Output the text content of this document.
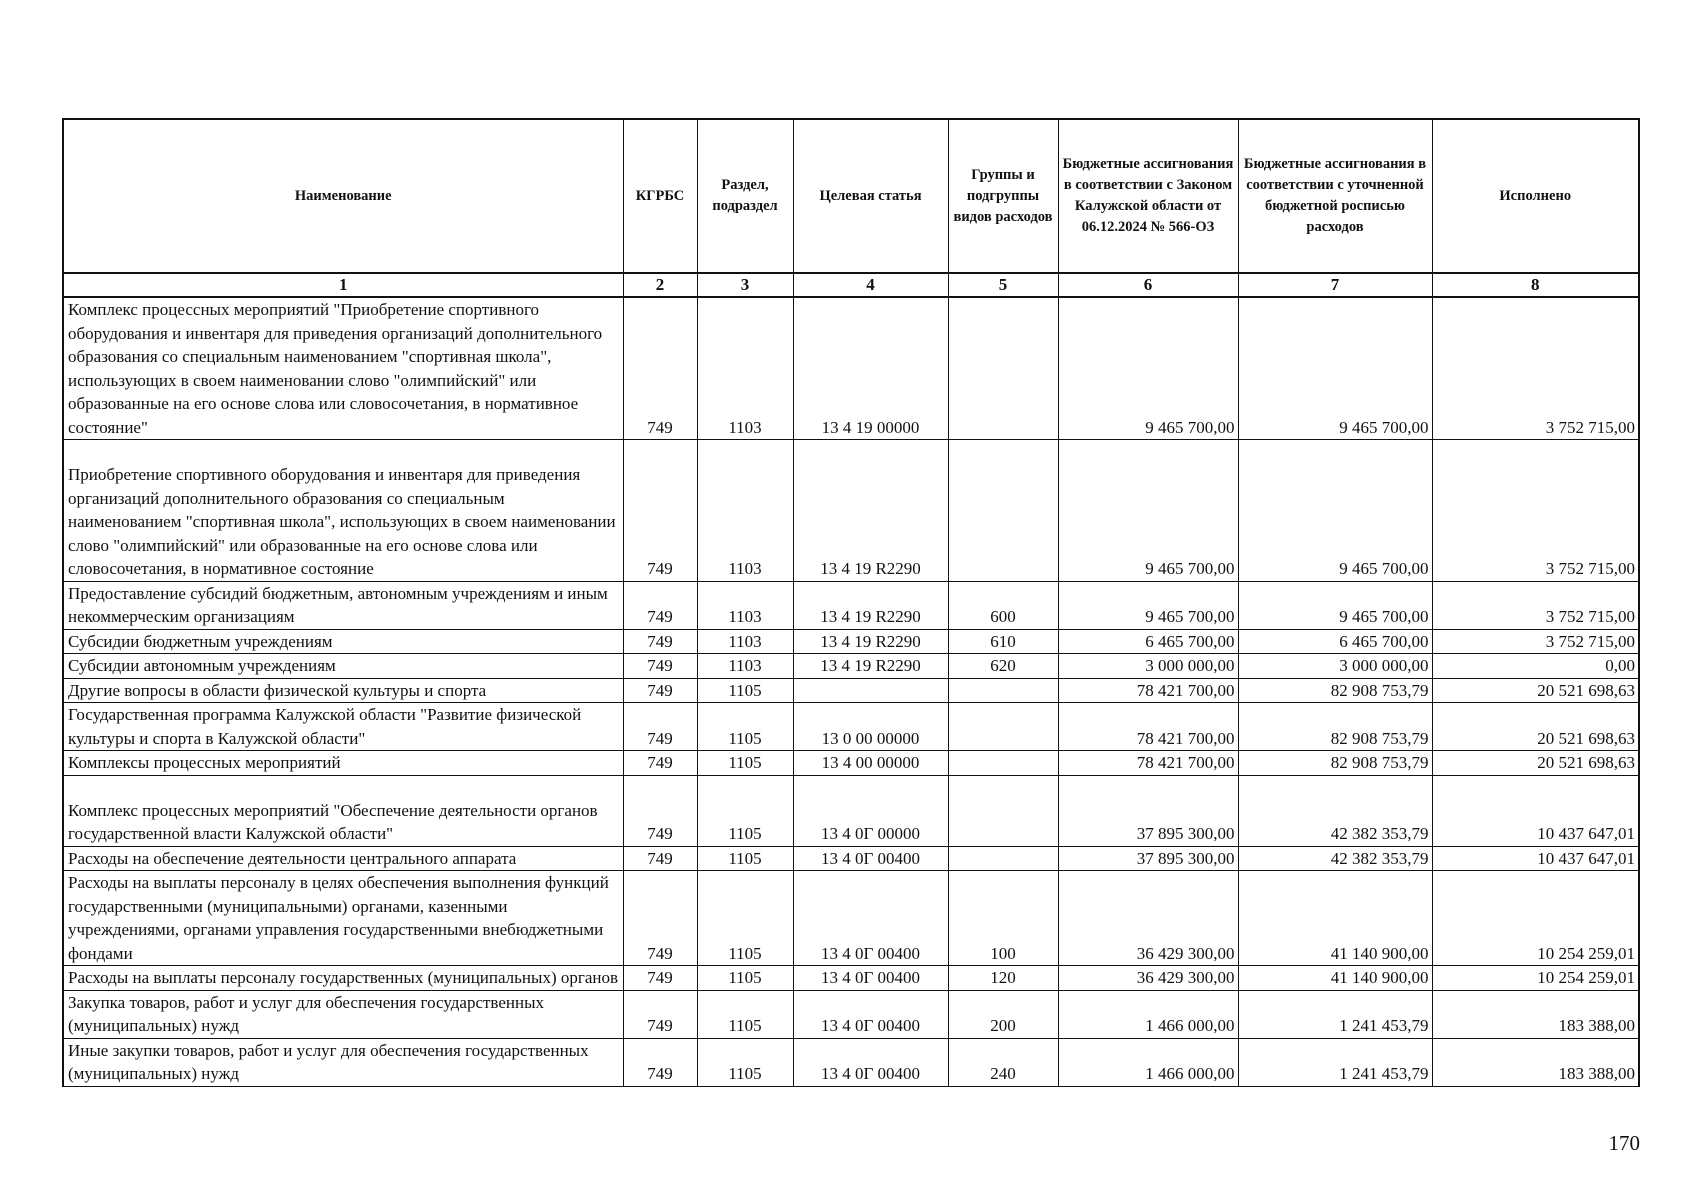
Наименование	КГРБС	Раздел, подраздел	Целевая статья	Группы и подгруппы видов расходов	Бюджетные ассигнования в соответствии с Законом Калужской области от 06.12.2024 № 566-ОЗ	Бюджетные ассигнования в соответствии с уточненной бюджетной росписью расходов	Исполнено
1	2	3	4	5	6	7	8
Комплекс процессных мероприятий "Приобретение спортивного оборудования и инвентаря для приведения организаций дополнительного образования со специальным наименованием "спортивная школа", использующих в своем наименовании слово "олимпийский" или образованные на его основе слова или словосочетания, в нормативное состояние"	749	1103	13 4 19 00000		9 465 700,00	9 465 700,00	3 752 715,00
Приобретение спортивного оборудования и инвентаря для приведения организаций дополнительного образования со специальным наименованием "спортивная школа", использующих в своем наименовании слово "олимпийский" или образованные на его основе слова или словосочетания, в нормативное состояние	749	1103	13 4 19 R2290		9 465 700,00	9 465 700,00	3 752 715,00
Предоставление субсидий бюджетным, автономным учреждениям и иным некоммерческим организациям	749	1103	13 4 19 R2290	600	9 465 700,00	9 465 700,00	3 752 715,00
Субсидии бюджетным учреждениям	749	1103	13 4 19 R2290	610	6 465 700,00	6 465 700,00	3 752 715,00
Субсидии автономным учреждениям	749	1103	13 4 19 R2290	620	3 000 000,00	3 000 000,00	0,00
Другие вопросы в области физической культуры и спорта	749	1105			78 421 700,00	82 908 753,79	20 521 698,63
Государственная программа Калужской области "Развитие физической культуры и спорта в Калужской области"	749	1105	13 0 00 00000		78 421 700,00	82 908 753,79	20 521 698,63
Комплексы процессных мероприятий	749	1105	13 4 00 00000		78 421 700,00	82 908 753,79	20 521 698,63
Комплекс процессных мероприятий "Обеспечение деятельности органов государственной власти Калужской области"	749	1105	13 4 0Г 00000		37 895 300,00	42 382 353,79	10 437 647,01
Расходы на обеспечение деятельности центрального аппарата	749	1105	13 4 0Г 00400		37 895 300,00	42 382 353,79	10 437 647,01
Расходы на выплаты персоналу в целях обеспечения выполнения функций государственными (муниципальными) органами, казенными учреждениями, органами управления государственными внебюджетными фондами	749	1105	13 4 0Г 00400	100	36 429 300,00	41 140 900,00	10 254 259,01
Расходы на выплаты персоналу государственных (муниципальных) органов	749	1105	13 4 0Г 00400	120	36 429 300,00	41 140 900,00	10 254 259,01
Закупка товаров, работ и услуг для обеспечения государственных (муниципальных) нужд	749	1105	13 4 0Г 00400	200	1 466 000,00	1 241 453,79	183 388,00
Иные закупки товаров, работ и услуг для обеспечения государственных (муниципальных) нужд	749	1105	13 4 0Г 00400	240	1 466 000,00	1 241 453,79	183 388,00
170
